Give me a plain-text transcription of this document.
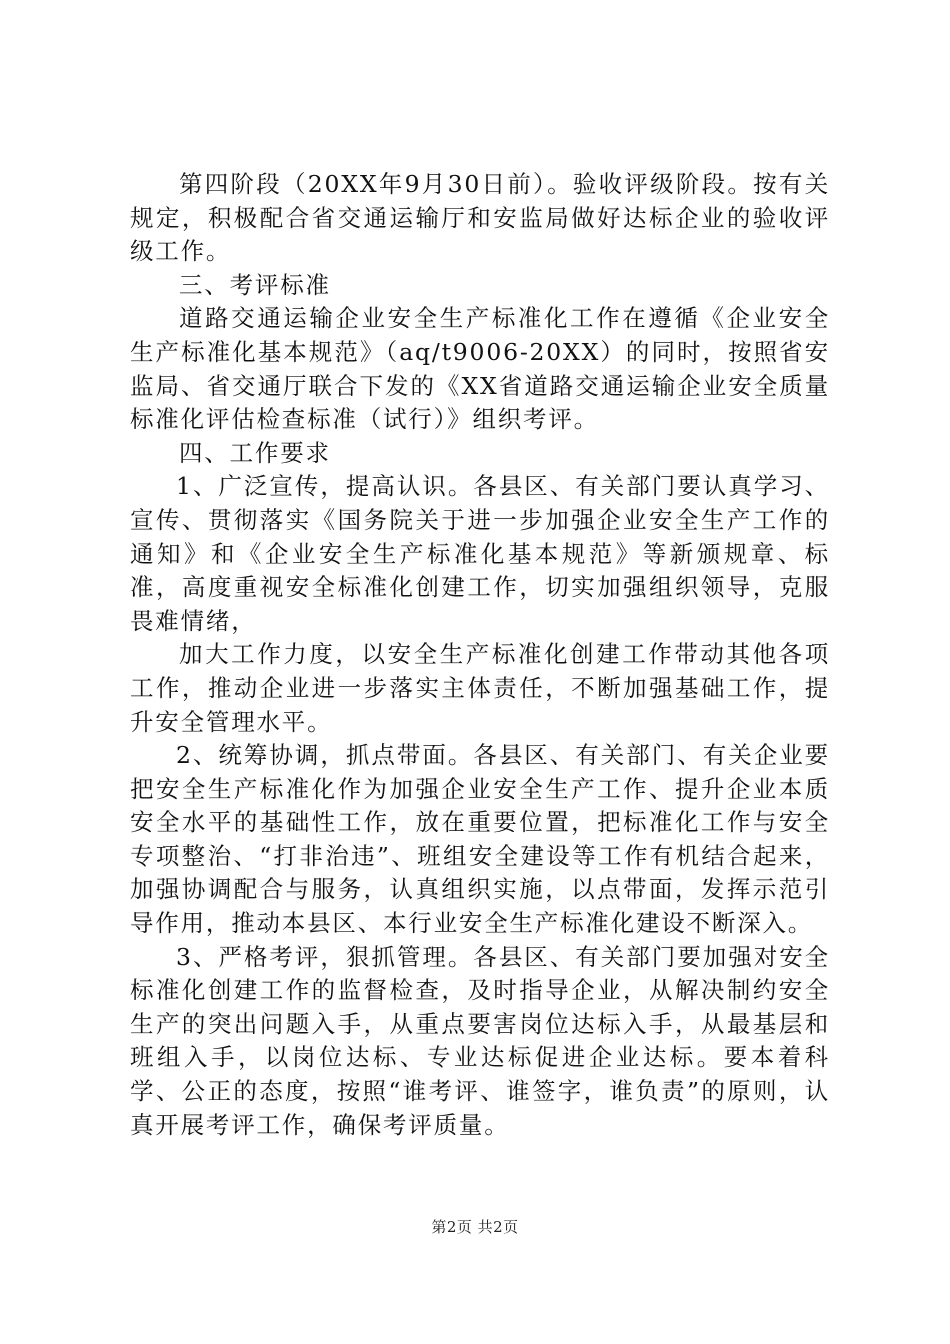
第四阶段（20XX年9月30日前）。验收评级阶段。按有关规定，积极配合省交通运输厅和安监局做好达标企业的验收评级工作。

三、考评标准

道路交通运输企业安全生产标准化工作在遵循《企业安全生产标准化基本规范》（aq/t9006-20XX）的同时，按照省安监局、省交通厅联合下发的《XX省道路交通运输企业安全质量标准化评估检查标准（试行）》组织考评。

四、工作要求

1、广泛宣传，提高认识。各县区、有关部门要认真学习、宣传、贯彻落实《国务院关于进一步加强企业安全生产工作的通知》和《企业安全生产标准化基本规范》等新颁规章、标准，高度重视安全标准化创建工作，切实加强组织领导，克服畏难情绪，

加大工作力度，以安全生产标准化创建工作带动其他各项工作，推动企业进一步落实主体责任，不断加强基础工作，提升安全管理水平。

2、统筹协调，抓点带面。各县区、有关部门、有关企业要把安全生产标准化作为加强企业安全生产工作、提升企业本质安全水平的基础性工作，放在重要位置，把标准化工作与安全专项整治、“打非治违”、班组安全建设等工作有机结合起来，加强协调配合与服务，认真组织实施，以点带面，发挥示范引导作用，推动本县区、本行业安全生产标准化建设不断深入。

3、严格考评，狠抓管理。各县区、有关部门要加强对安全标准化创建工作的监督检查，及时指导企业，从解决制约安全生产的突出问题入手，从重点要害岗位达标入手，从最基层和班组入手，以岗位达标、专业达标促进企业达标。要本着科学、公正的态度，按照“谁考评、谁签字，谁负责”的原则，认真开展考评工作，确保考评质量。

第2页 共2页
